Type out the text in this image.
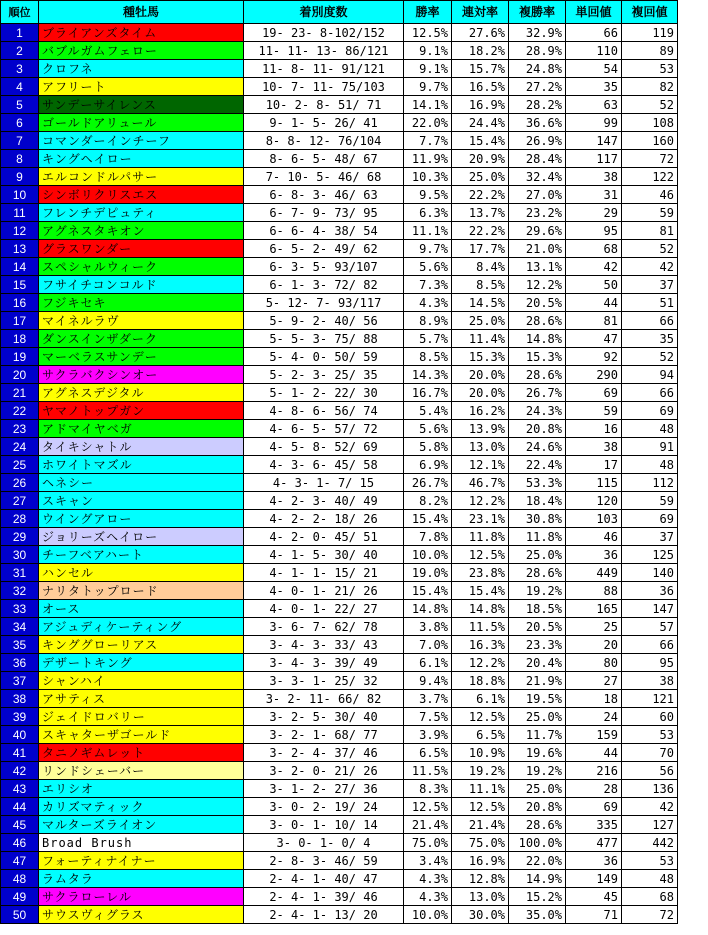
順位	種牡馬	着別度数	勝率	連対率	複勝率	単回値	複回値
1	ブライアンズタイム	19- 23- 8-102/152	12.5%	27.6%	32.9%	66	119
2	バブルガムフェロー	11- 11- 13- 86/121	9.1%	18.2%	28.9%	110	89
3	クロフネ	11- 8- 11- 91/121	9.1%	15.7%	24.8%	54	53
4	アフリート	10- 7- 11- 75/103	9.7%	16.5%	27.2%	35	82
5	サンデーサイレンス	10- 2- 8- 51/ 71	14.1%	16.9%	28.2%	63	52
6	ゴールドアリュール	9- 1- 5- 26/ 41	22.0%	24.4%	36.6%	99	108
7	コマンダーインチーフ	8- 8- 12- 76/104	7.7%	15.4%	26.9%	147	160
8	キングヘイロー	8- 6- 5- 48/ 67	11.9%	20.9%	28.4%	117	72
9	エルコンドルパサー	7- 10- 5- 46/ 68	10.3%	25.0%	32.4%	38	122
10	シンボリクリスエス	6- 8- 3- 46/ 63	9.5%	22.2%	27.0%	31	46
11	フレンチデピュティ	6- 7- 9- 73/ 95	6.3%	13.7%	23.2%	29	59
12	アグネスタキオン	6- 6- 4- 38/ 54	11.1%	22.2%	29.6%	95	81
13	グラスワンダー	6- 5- 2- 49/ 62	9.7%	17.7%	21.0%	68	52
14	スペシャルウィーク	6- 3- 5- 93/107	5.6%	8.4%	13.1%	42	42
15	フサイチコンコルド	6- 1- 3- 72/ 82	7.3%	8.5%	12.2%	50	37
16	フジキセキ	5- 12- 7- 93/117	4.3%	14.5%	20.5%	44	51
17	マイネルラヴ	5- 9- 2- 40/ 56	8.9%	25.0%	28.6%	81	66
18	ダンスインザダーク	5- 5- 3- 75/ 88	5.7%	11.4%	14.8%	47	35
19	マーベラスサンデー	5- 4- 0- 50/ 59	8.5%	15.3%	15.3%	92	52
20	サクラバクシンオー	5- 2- 3- 25/ 35	14.3%	20.0%	28.6%	290	94
21	アグネスデジタル	5- 1- 2- 22/ 30	16.7%	20.0%	26.7%	69	66
22	ヤマノトップガン	4- 8- 6- 56/ 74	5.4%	16.2%	24.3%	59	69
23	アドマイヤベガ	4- 6- 5- 57/ 72	5.6%	13.9%	20.8%	16	48
24	タイキシャトル	4- 5- 8- 52/ 69	5.8%	13.0%	24.6%	38	91
25	ホワイトマズル	4- 3- 6- 45/ 58	6.9%	12.1%	22.4%	17	48
26	ヘネシー	4- 3- 1- 7/ 15	26.7%	46.7%	53.3%	115	112
27	スキャン	4- 2- 3- 40/ 49	8.2%	12.2%	18.4%	120	59
28	ウイングアロー	4- 2- 2- 18/ 26	15.4%	23.1%	30.8%	103	69
29	ジョリーズヘイロー	4- 2- 0- 45/ 51	7.8%	11.8%	11.8%	46	37
30	チーフベアハート	4- 1- 5- 30/ 40	10.0%	12.5%	25.0%	36	125
31	ハンセル	4- 1- 1- 15/ 21	19.0%	23.8%	28.6%	449	140
32	ナリタトップロード	4- 0- 1- 21/ 26	15.4%	15.4%	19.2%	88	36
33	オース	4- 0- 1- 22/ 27	14.8%	14.8%	18.5%	165	147
34	アジュディケーティング	3- 6- 7- 62/ 78	3.8%	11.5%	20.5%	25	57
35	キンググローリアス	3- 4- 3- 33/ 43	7.0%	16.3%	23.3%	20	66
36	デザートキング	3- 4- 3- 39/ 49	6.1%	12.2%	20.4%	80	95
37	シャンハイ	3- 3- 1- 25/ 32	9.4%	18.8%	21.9%	27	38
38	アサティス	3- 2- 11- 66/ 82	3.7%	6.1%	19.5%	18	121
39	ジェイドロバリー	3- 2- 5- 30/ 40	7.5%	12.5%	25.0%	24	60
40	スキャターザゴールド	3- 2- 1- 68/ 77	3.9%	6.5%	11.7%	159	53
41	タニノギムレット	3- 2- 4- 37/ 46	6.5%	10.9%	19.6%	44	70
42	リンドシェーバー	3- 2- 0- 21/ 26	11.5%	19.2%	19.2%	216	56
43	エリシオ	3- 1- 2- 27/ 36	8.3%	11.1%	25.0%	28	136
44	カリズマティック	3- 0- 2- 19/ 24	12.5%	12.5%	20.8%	69	42
45	マルターズライオン	3- 0- 1- 10/ 14	21.4%	21.4%	28.6%	335	127
46	Broad Brush	3- 0- 1- 0/ 4	75.0%	75.0%	100.0%	477	442
47	フォーティナイナー	2- 8- 3- 46/ 59	3.4%	16.9%	22.0%	36	53
48	ラムタラ	2- 4- 1- 40/ 47	4.3%	12.8%	14.9%	149	48
49	サクラローレル	2- 4- 1- 39/ 46	4.3%	13.0%	15.2%	45	68
50	サウスヴィグラス	2- 4- 1- 13/ 20	10.0%	30.0%	35.0%	71	72
